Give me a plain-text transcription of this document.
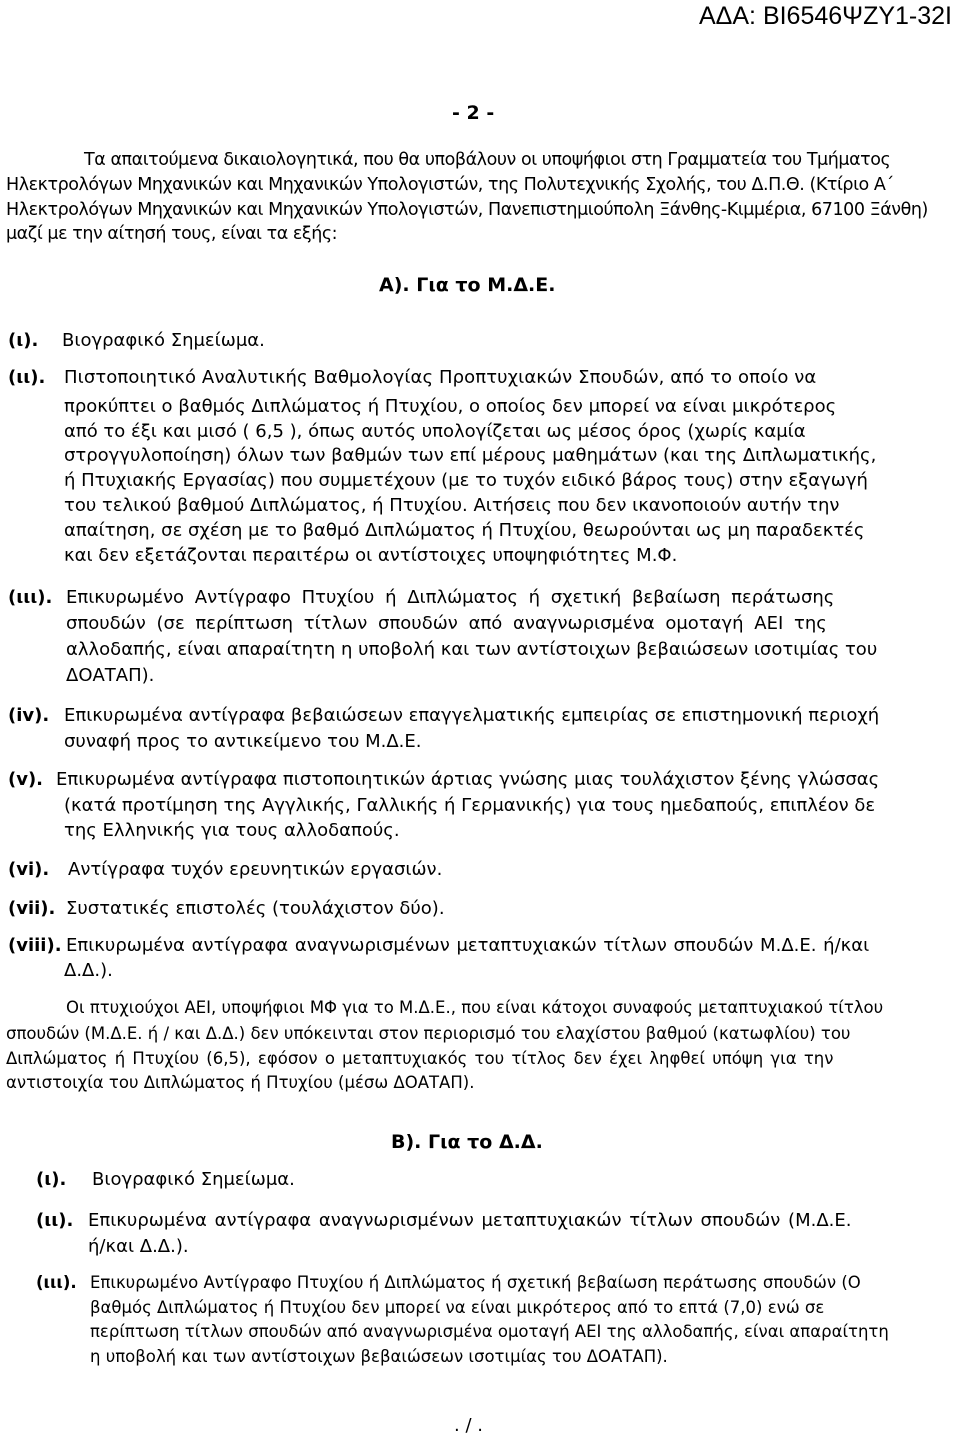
ΑΔΑ: ΒΙ6546ΨΖΥ1-32Ι
- 2 -
Τα απαιτούμενα δικαιολογητικά, που θα υποβάλουν οι υποψήφιοι στη Γραμματεία του Τμήματος
Ηλεκτρολόγων Μηχανικών και Μηχανικών Υπολογιστών, της Πολυτεχνικής Σχολής, του Δ.Π.Θ. (Κτίριο Α΄
Ηλεκτρολόγων Μηχανικών και Μηχανικών Υπολογιστών, Πανεπιστημιούπολη Ξάνθης-Κιμμέρια, 67100 Ξάνθη)
μαζί με την αίτησή τους, είναι τα εξής:
Α). Για το Μ.Δ.Ε.
(ι). Βιογραφικό Σημείωμα.
(ιι). Πιστοποιητικό Αναλυτικής Βαθμολογίας Προπτυχιακών Σπουδών, από το οποίο να
προκύπτει ο βαθμός Διπλώματος ή Πτυχίου, ο οποίος δεν μπορεί να είναι μικρότερος
από το έξι και μισό ( 6,5 ), όπως αυτός υπολογίζεται ως μέσος όρος (χωρίς καμία
στρογγυλοποίηση) όλων των βαθμών των επί μέρους μαθημάτων (και της Διπλωματικής,
ή Πτυχιακής Εργασίας) που συμμετέχουν (με το τυχόν ειδικό βάρος τους) στην εξαγωγή
του τελικού βαθμού Διπλώματος, ή Πτυχίου. Αιτήσεις που δεν ικανοποιούν αυτήν την
απαίτηση, σε σχέση με το βαθμό Διπλώματος ή Πτυχίου, θεωρούνται ως μη παραδεκτές
και δεν εξετάζονται περαιτέρω οι αντίστοιχες υποψηφιότητες Μ.Φ.
(ιιι). Επικυρωμένο Αντίγραφο Πτυχίου ή Διπλώματος ή σχετική βεβαίωση περάτωσης
σπουδών (σε περίπτωση τίτλων σπουδών από αναγνωρισμένα ομοταγή ΑΕΙ της
αλλοδαπής, είναι απαραίτητη η υποβολή και των αντίστοιχων βεβαιώσεων ισοτιμίας του
ΔΟΑΤΑΠ).
(iv). Επικυρωμένα αντίγραφα βεβαιώσεων επαγγελματικής εμπειρίας σε επιστημονική περιοχή
συναφή προς το αντικείμενο του Μ.Δ.Ε.
(v). Επικυρωμένα αντίγραφα πιστοποιητικών άρτιας γνώσης μιας τουλάχιστον ξένης γλώσσας
(κατά προτίμηση της Αγγλικής, Γαλλικής ή Γερμανικής) για τους ημεδαπούς, επιπλέον δε
της Ελληνικής για τους αλλοδαπούς.
(vi). Αντίγραφα τυχόν ερευνητικών εργασιών.
(vii). Συστατικές επιστολές (τουλάχιστον δύο).
(viii). Επικυρωμένα αντίγραφα αναγνωρισμένων μεταπτυχιακών τίτλων σπουδών Μ.Δ.Ε. ή/και
Δ.Δ.).
Οι πτυχιούχοι ΑΕΙ, υποψήφιοι ΜΦ για το Μ.Δ.Ε., που είναι κάτοχοι συναφούς μεταπτυχιακού τίτλου
σπουδών (Μ.Δ.Ε. ή / και Δ.Δ.) δεν υπόκεινται στον περιορισμό του ελαχίστου βαθμού (κατωφλίου) του
Διπλώματος ή Πτυχίου (6,5), εφόσον ο μεταπτυχιακός του τίτλος δεν έχει ληφθεί υπόψη για την
αντιστοιχία του Διπλώματος ή Πτυχίου (μέσω ΔΟΑΤΑΠ).
Β). Για το Δ.Δ.
(ι). Βιογραφικό Σημείωμα.
(ιι). Επικυρωμένα αντίγραφα αναγνωρισμένων μεταπτυχιακών τίτλων σπουδών (Μ.Δ.Ε.
ή/και Δ.Δ.).
(ιιι). Επικυρωμένο Αντίγραφο Πτυχίου ή Διπλώματος ή σχετική βεβαίωση περάτωσης σπουδών (Ο
βαθμός Διπλώματος ή Πτυχίου δεν μπορεί να είναι μικρότερος από το επτά (7,0) ενώ σε
περίπτωση τίτλων σπουδών από αναγνωρισμένα ομοταγή ΑΕΙ της αλλοδαπής, είναι απαραίτητη
η υποβολή και των αντίστοιχων βεβαιώσεων ισοτιμίας του ΔΟΑΤΑΠ).
. / .
